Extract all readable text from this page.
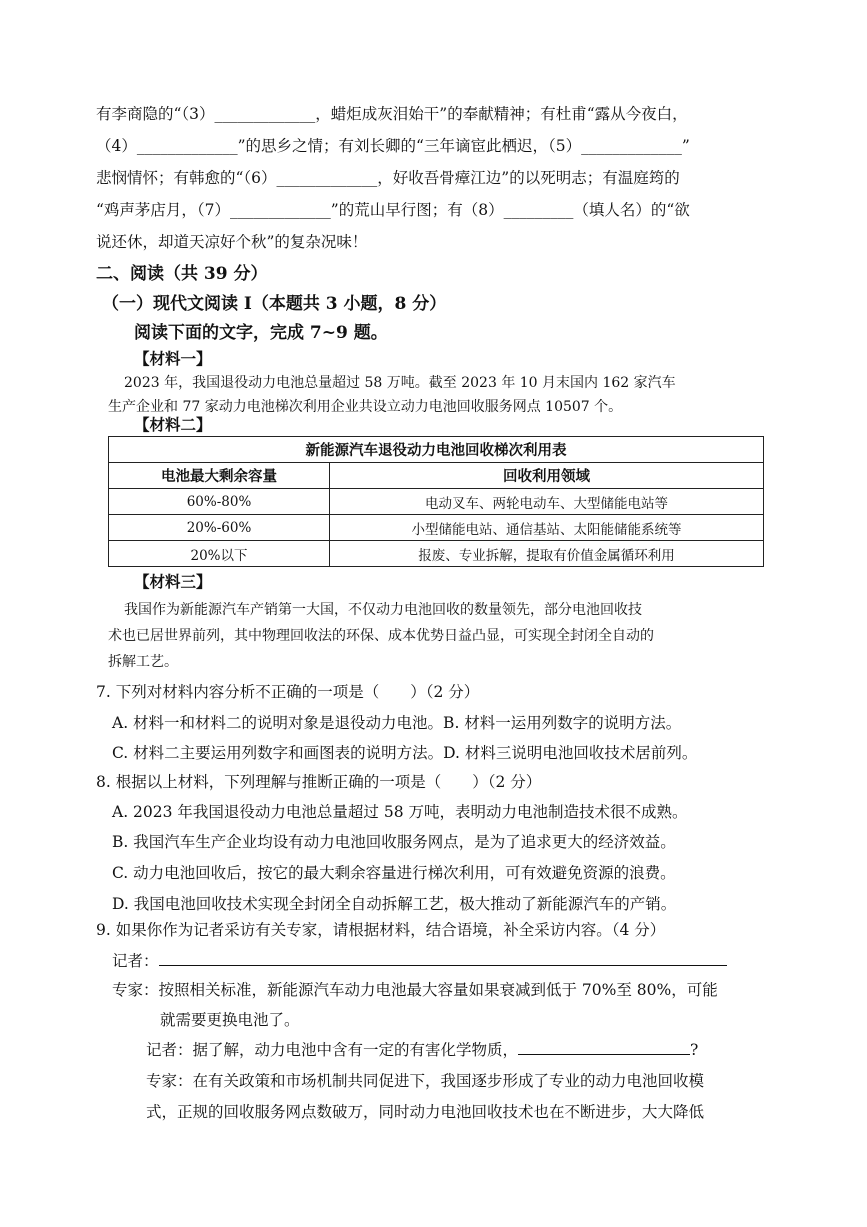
有李商隐的“（3）_____________，蜡炬成灰泪始干”的奉献精神；有杜甫“露从今夜白，
（4）_____________”的思乡之情；有刘长卿的“三年谪宦此栖迟，（5）_____________”
悲悯情怀；有韩愈的“（6）_____________，好收吾骨瘴江边”的以死明志；有温庭筠的
“鸡声茅店月，（7）_____________”的荒山早行图；有（8）_________（填人名）的“欲
说还休，却道天凉好个秋”的复杂况味！
二、阅读（共 39 分）
（一）现代文阅读 I（本题共 3 小题，8 分）
阅读下面的文字，完成 7~9 题。
【材料一】
2023 年，我国退役动力电池总量超过 58 万吨。截至 2023 年 10 月末国内 162 家汽车
生产企业和 77 家动力电池梯次利用企业共设立动力电池回收服务网点 10507 个。
【材料二】
新能源汽车退役动力电池回收梯次利用表	
电池最大剩余容量	回收利用领域
60%-80%	电动叉车、两轮电动车、大型储能电站等
20%-60%	小型储能电站、通信基站、太阳能储能系统等
20%以下	报废、专业拆解，提取有价值金属循环利用
【材料三】
我国作为新能源汽车产销第一大国，不仅动力电池回收的数量领先，部分电池回收技
术也已居世界前列，其中物理回收法的环保、成本优势日益凸显，可实现全封闭全自动的
拆解工艺。
7. 下列对材料内容分析不正确的一项是（　　）（2 分）
A. 材料一和材料二的说明对象是退役动力电池。B. 材料一运用列数字的说明方法。
C. 材料二主要运用列数字和画图表的说明方法。D. 材料三说明电池回收技术居前列。
8. 根据以上材料，下列理解与推断正确的一项是（　　）（2 分）
A. 2023 年我国退役动力电池总量超过 58 万吨，表明动力电池制造技术很不成熟。
B. 我国汽车生产企业均设有动力电池回收服务网点，是为了追求更大的经济效益。
C. 动力电池回收后，按它的最大剩余容量进行梯次利用，可有效避免资源的浪费。
D. 我国电池回收技术实现全封闭全自动拆解工艺，极大推动了新能源汽车的产销。
9. 如果你作为记者采访有关专家，请根据材料，结合语境，补全采访内容。（4 分）
记者：
专家：按照相关标准，新能源汽车动力电池最大容量如果衰减到低于 70%至 80%，可能
就需要更换电池了。
记者：据了解，动力电池中含有一定的有害化学物质，	?
专家：在有关政策和市场机制共同促进下，我国逐步形成了专业的动力电池回收模
式，正规的回收服务网点数破万，同时动力电池回收技术也在不断进步，大大降低
